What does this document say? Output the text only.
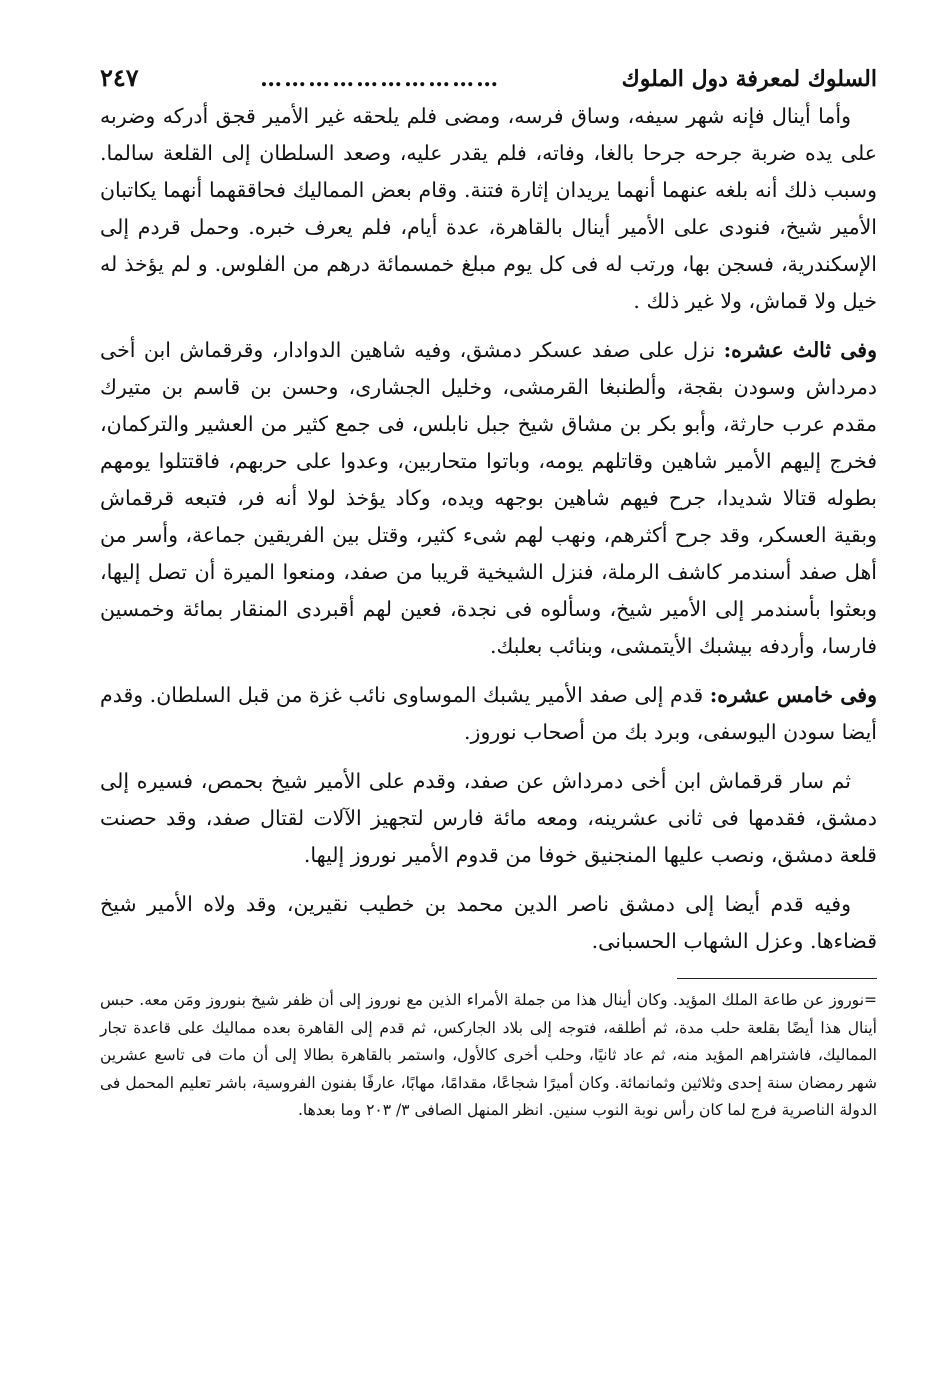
السلوك لمعرفة دول الملوك
…………………………
٢٤٧

وأما أينال فإنه شهر سيفه، وساق فرسه، ومضى فلم يلحقه غير الأمير قجق أدركه وضربه على يده ضربة جرحه جرحا بالغا، وفاته، فلم يقدر عليه، وصعد السلطان إلى القلعة سالما. وسبب ذلك أنه بلغه عنهما أنهما يريدان إثارة فتنة. وقام بعض المماليك فحاققهما أنهما يكاتبان الأمير شيخ، فنودى على الأمير أينال بالقاهرة، عدة أيام، فلم يعرف خبره. وحمل قردم إلى الإسكندرية، فسجن بها، ورتب له فى كل يوم مبلغ خمسمائة درهم من الفلوس. و لم يؤخذ له خيل ولا قماش، ولا غير ذلك .

وفى ثالث عشره: نزل على صفد عسكر دمشق، وفيه شاهين الدوادار، وقرقماش ابن أخى دمرداش وسودن بقجة، وألطنبغا القرمشى، وخليل الجشارى، وحسن بن قاسم بن متيرك مقدم عرب حارثة، وأبو بكر بن مشاق شيخ جبل نابلس، فى جمع كثير من العشير والتركمان، فخرج إليهم الأمير شاهين وقاتلهم يومه، وباتوا متحاربين، وعدوا على حربهم، فاقتتلوا يومهم بطوله قتالا شديدا، جرح فيهم شاهين بوجهه ويده، وكاد يؤخذ لولا أنه فر، فتبعه قرقماش وبقية العسكر، وقد جرح أكثرهم، ونهب لهم شىء كثير، وقتل بين الفريقين جماعة، وأسر من أهل صفد أسندمر كاشف الرملة، فنزل الشيخية قريبا من صفد، ومنعوا الميرة أن تصل إليها، وبعثوا بأسندمر إلى الأمير شيخ، وسألوه فى نجدة، فعين لهم أقبردى المنقار بمائة وخمسين فارسا، وأردفه بيشبك الأيتمشى، وبنائب بعلبك.

وفى خامس عشره: قدم إلى صفد الأمير يشبك الموساوى نائب غزة من قبل السلطان. وقدم أيضا سودن اليوسفى، وبرد بك من أصحاب نوروز.

ثم سار قرقماش ابن أخى دمرداش عن صفد، وقدم على الأمير شيخ بحمص، فسيره إلى دمشق، فقدمها فى ثانى عشرينه، ومعه مائة فارس لتجهيز الآلات لقتال صفد، وقد حصنت قلعة دمشق، ونصب عليها المنجنيق خوفا من قدوم الأمير نوروز إليها.

وفيه قدم أيضا إلى دمشق ناصر الدين محمد بن خطيب نقيرين، وقد ولاه الأمير شيخ قضاءها. وعزل الشهاب الحسبانى.

=نوروز عن طاعة الملك المؤيد. وكان أينال هذا من جملة الأمراء الذين مع نوروز إلى أن ظفر شيخ بنوروز ومَن معه. حبس أينال هذا أيضًا بقلعة حلب مدة، ثم أطلقه، فتوجه إلى بلاد الجاركس، ثم قدم إلى القاهرة بعده مماليك على قاعدة تجار المماليك، فاشتراهم المؤيد منه، ثم عاد ثانيًا، وحلب أخرى كالأول، واستمر بالقاهرة بطالا إلى أن مات فى تاسع عشرين شهر رمضان سنة إحدى وثلاثين وثمانمائة. وكان أميرًا شجاعًا، مقدامًا، مهابًا، عارفًا بفنون الفروسية، باشر تعليم المحمل فى الدولة الناصرية فرج لما كان رأس نوبة النوب سنين. انظر المنهل الصافى ٣/ ٢٠٣ وما بعدها.
